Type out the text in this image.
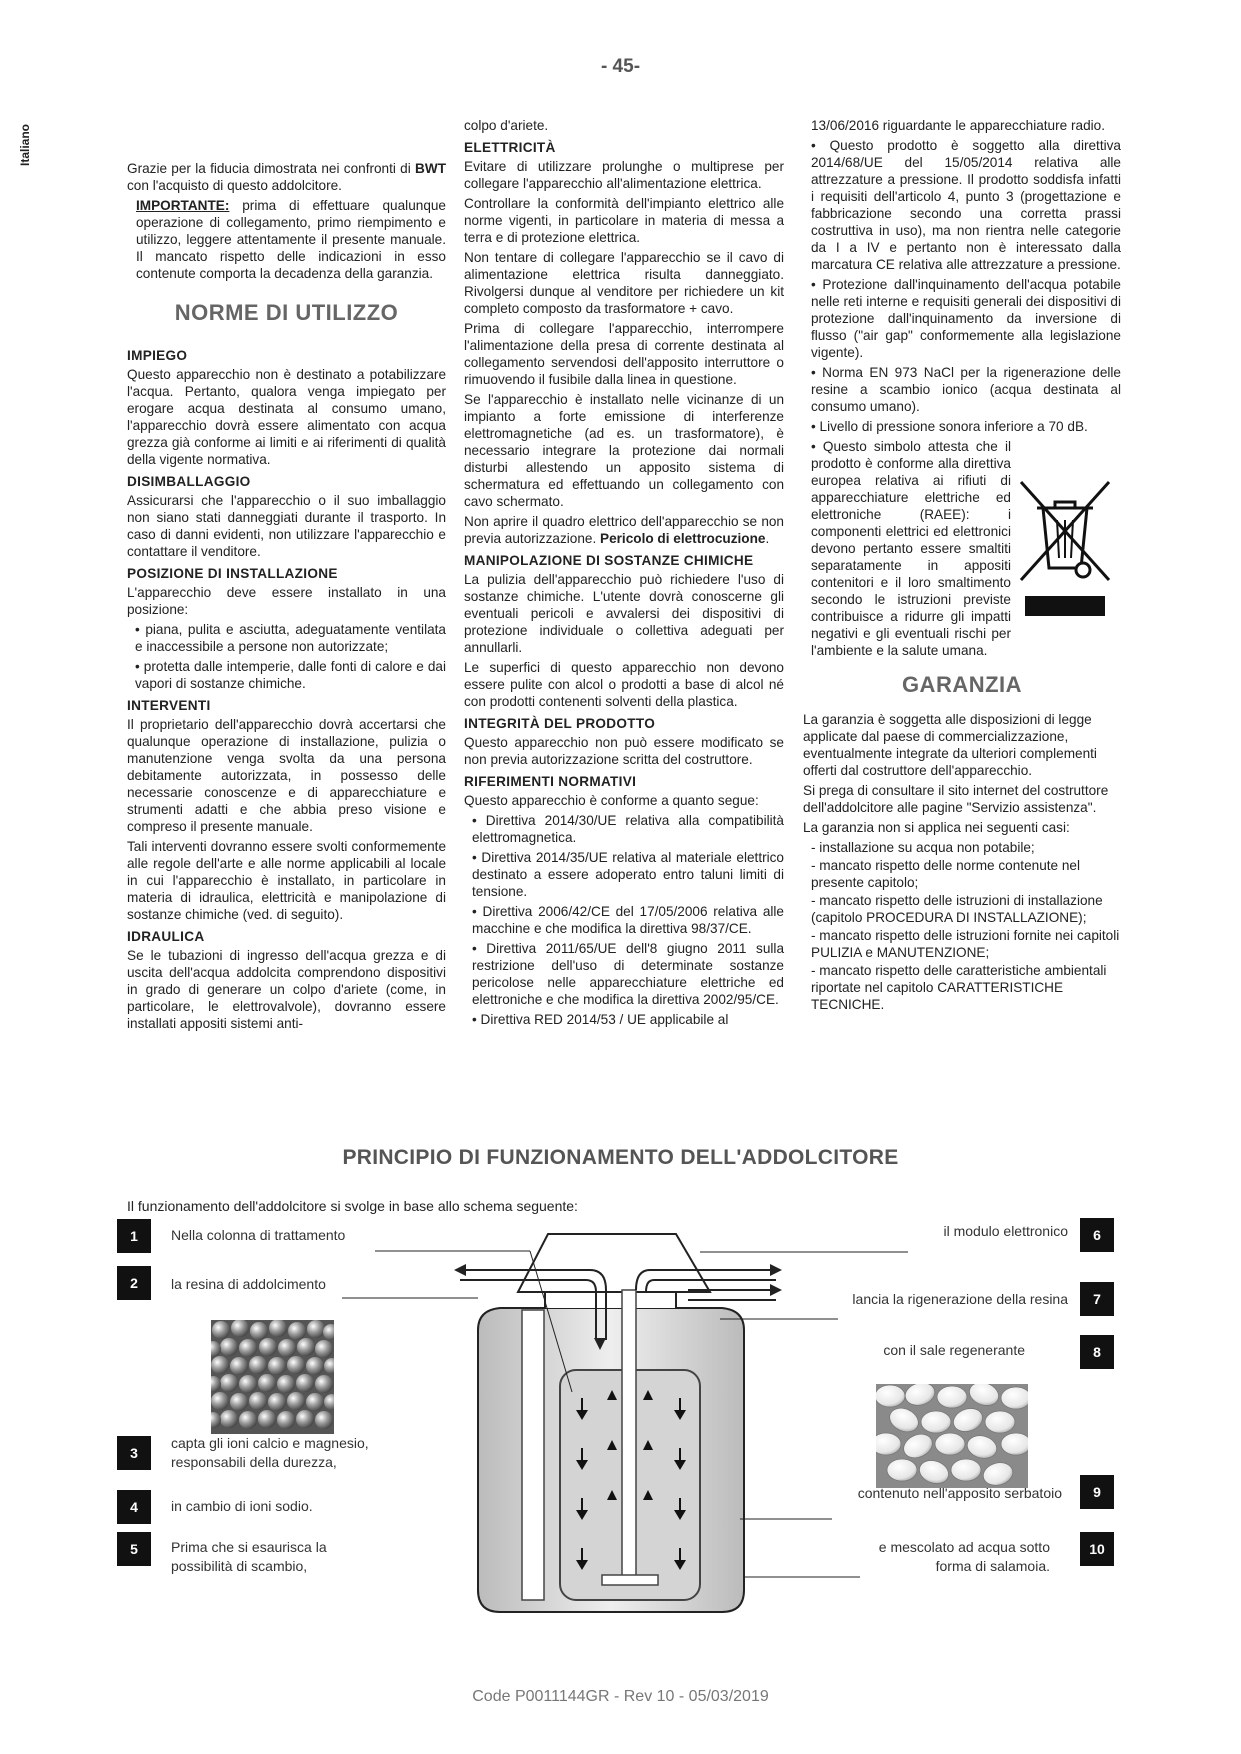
- 45-
Italiano

Grazie per la fiducia dimostrata nei confronti di BWT con l'acquisto di questo addolcitore.

IMPORTANTE: prima di effettuare qualunque operazione di collegamento, primo riempimento e utilizzo, leggere attentamente il presente manuale. Il mancato rispetto delle indicazioni in esso contenute comporta la decadenza della garanzia.

NORME DI UTILIZZO
IMPIEGO

Questo apparecchio non è destinato a potabilizzare l'acqua. Pertanto, qualora venga impiegato per erogare acqua destinata al consumo umano, l'apparecchio dovrà essere alimentato con acqua grezza già conforme ai limiti e ai riferimenti di qualità della vigente normativa.

DISIMBALLAGGIO

Assicurarsi che l'apparecchio o il suo imballaggio non siano stati danneggiati durante il trasporto. In caso di danni evidenti, non utilizzare l'apparecchio e contattare il venditore.

POSIZIONE DI INSTALLAZIONE

L'apparecchio deve essere installato in una posizione:

• piana, pulita e asciutta, adeguatamente ventilata e inaccessibile a persone non autorizzate;

• protetta dalle intemperie, dalle fonti di calore e dai vapori di sostanze chimiche.

INTERVENTI

Il proprietario dell'apparecchio dovrà accertarsi che qualunque operazione di installazione, pulizia o manutenzione venga svolta da una persona debitamente autorizzata, in possesso delle necessarie conoscenze e di apparecchiature e strumenti adatti e che abbia preso visione e compreso il presente manuale.

Tali interventi dovranno essere svolti conformemente alle regole dell'arte e alle norme applicabili al locale in cui l'apparecchio è installato, in particolare in materia di idraulica, elettricità e manipolazione di sostanze chimiche (ved. di seguito).

IDRAULICA

Se le tubazioni di ingresso dell'acqua grezza e di uscita dell'acqua addolcita comprendono dispositivi in grado di generare un colpo d'ariete (come, in particolare, le elettrovalvole), dovranno essere installati appositi sistemi anti-

colpo d'ariete.

ELETTRICITÀ

Evitare di utilizzare prolunghe o multiprese per collegare l'apparecchio all'alimentazione elettrica.

Controllare la conformità dell'impianto elettrico alle norme vigenti, in particolare in materia di messa a terra e di protezione elettrica.

Non tentare di collegare l'apparecchio se il cavo di alimentazione elettrica risulta danneggiato. Rivolgersi dunque al venditore per richiedere un kit completo composto da trasformatore + cavo.

Prima di collegare l'apparecchio, interrompere l'alimentazione della presa di corrente destinata al collegamento servendosi dell'apposito interruttore o rimuovendo il fusibile dalla linea in questione.

Se l'apparecchio è installato nelle vicinanze di un impianto a forte emissione di interferenze elettromagnetiche (ad es. un trasformatore), è necessario integrare la protezione dai normali disturbi allestendo un apposito sistema di schermatura ed effettuando un collegamento con cavo schermato.

Non aprire il quadro elettrico dell'apparecchio se non previa autorizzazione. Pericolo di elettrocuzione.

MANIPOLAZIONE DI SOSTANZE CHIMICHE

La pulizia dell'apparecchio può richiedere l'uso di sostanze chimiche. L'utente dovrà conoscerne gli eventuali pericoli e avvalersi dei dispositivi di protezione individuale o collettiva adeguati per annullarli.

Le superfici di questo apparecchio non devono essere pulite con alcol o prodotti a base di alcol né con prodotti contenenti solventi della plastica.

INTEGRITÀ DEL PRODOTTO

Questo apparecchio non può essere modificato se non previa autorizzazione scritta del costruttore.

RIFERIMENTI NORMATIVI

Questo apparecchio è conforme a quanto segue:

• Direttiva 2014/30/UE relativa alla compatibilità elettromagnetica.

• Direttiva 2014/35/UE relativa al materiale elettrico destinato a essere adoperato entro taluni limiti di tensione.

• Direttiva 2006/42/CE del 17/05/2006 relativa alle macchine e che modifica la direttiva 98/37/CE.

• Direttiva 2011/65/UE dell'8 giugno 2011 sulla restrizione dell'uso di determinate sostanze pericolose nelle apparecchiature elettriche ed elettroniche e che modifica la direttiva 2002/95/CE.

• Direttiva RED 2014/53 / UE applicabile al

13/06/2016 riguardante le apparecchiature radio.

• Questo prodotto è soggetto alla direttiva 2014/68/UE del 15/05/2014 relativa alle attrezzature a pressione. Il prodotto soddisfa infatti i requisiti dell'articolo 4, punto 3 (progettazione e fabbricazione secondo una corretta prassi costruttiva in uso), ma non rientra nelle categorie da I a IV e pertanto non è interessato dalla marcatura CE relativa alle attrezzature a pressione.

• Protezione dall'inquinamento dell'acqua potabile nelle reti interne e requisiti generali dei dispositivi di protezione dall'inquinamento da inversione di flusso ("air gap" conformemente alla legislazione vigente).

• Norma EN 973 NaCl per la rigenerazione delle resine a scambio ionico (acqua destinata al consumo umano).

• Livello di pressione sonora inferiore a 70 dB.

• Questo simbolo attesta che il prodotto è conforme alla direttiva europea relativa ai rifiuti di apparecchiature elettriche ed elettroniche (RAEE): i componenti elettrici ed elettronici devono pertanto essere smaltiti separatamente in appositi contenitori e il loro smaltimento secondo le istruzioni previste contribuisce a ridurre gli impatti negativi e gli eventuali rischi per l'ambiente e la salute umana.

GARANZIA

La garanzia è soggetta alle disposizioni di legge applicate dal paese di commercializzazione, eventualmente integrate da ulteriori complementi offerti dal costruttore dell'apparecchio.

Si prega di consultare il sito internet del costruttore dell'addolcitore alle pagine "Servizio assistenza".

La garanzia non si applica nei seguenti casi:

- installazione su acqua non potabile;

- mancato rispetto delle norme contenute nel presente capitolo;

- mancato rispetto delle istruzioni di installazione (capitolo PROCEDURA DI INSTALLAZIONE);

- mancato rispetto delle istruzioni fornite nei capitoli PULIZIA e MANUTENZIONE;

- mancato rispetto delle caratteristiche ambientali riportate nel capitolo CARATTERISTICHE TECNICHE.

PRINCIPIO DI FUNZIONAMENTO DELL'ADDOLCITORE
Il funzionamento dell'addolcitore si svolge in base allo schema seguente:
1	Nella colonna di trattamento
2	la resina di addolcimento
3
capta gli ioni calcio e magnesio, responsabili della durezza,
4	in cambio di ioni sodio.
5	Prima che si esaurisca la possibilità di scambio,
6
il modulo elettronico
7
lancia la rigenerazione della resina
8
con il sale regenerante
9
contenuto nell'apposito serbatoio
10
e mescolato ad acqua sotto forma di salamoia.
Code P0011144GR - Rev 10 - 05/03/2019
